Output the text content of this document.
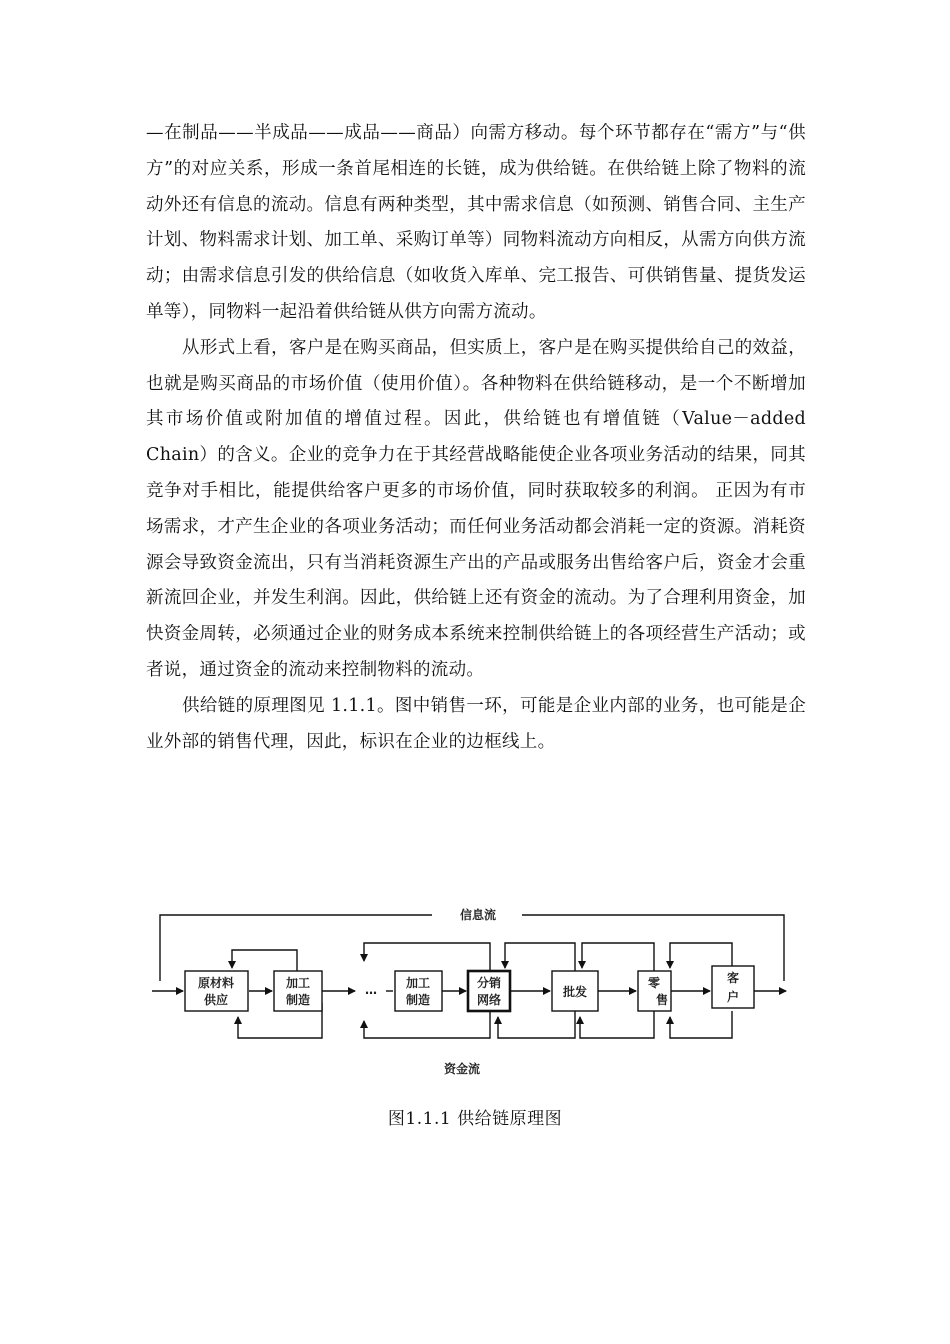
—在制品——半成品——成品——商品）向需方移动。每个环节都存在“需方”与“供方”的对应关系，形成一条首尾相连的长链，成为供给链。在供给链上除了物料的流动外还有信息的流动。信息有两种类型，其中需求信息（如预测、销售合同、主生产计划、物料需求计划、加工单、采购订单等）同物料流动方向相反，从需方向供方流动；由需求信息引发的供给信息（如收货入库单、完工报告、可供销售量、提货发运单等），同物料一起沿着供给链从供方向需方流动。

从形式上看，客户是在购买商品，但实质上，客户是在购买提供给自己的效益，也就是购买商品的市场价值（使用价值）。各种物料在供给链移动，是一个不断增加其市场价值或附加值的增值过程。因此，供给链也有增值链（Value－added Chain）的含义。企业的竞争力在于其经营战略能使企业各项业务活动的结果，同其竞争对手相比，能提供给客户更多的市场价值，同时获取较多的利润。 正因为有市场需求，才产生企业的各项业务活动；而任何业务活动都会消耗一定的资源。消耗资源会导致资金流出，只有当消耗资源生产出的产品或服务出售给客户后，资金才会重新流回企业，并发生利润。因此，供给链上还有资金的流动。为了合理利用资金，加快资金周转，必须通过企业的财务成本系统来控制供给链上的各项经营生产活动；或者说，通过资金的流动来控制物料的流动。

供给链的原理图见 1.1.1。图中销售一环，可能是企业内部的业务，也可能是企业外部的销售代理，因此，标识在企业的边框线上。

原材料
供应
加工
制造
加工
制造
分销
网络
批发
零
售
客
户
…
信息流
资金流
图1.1.1 供给链原理图
